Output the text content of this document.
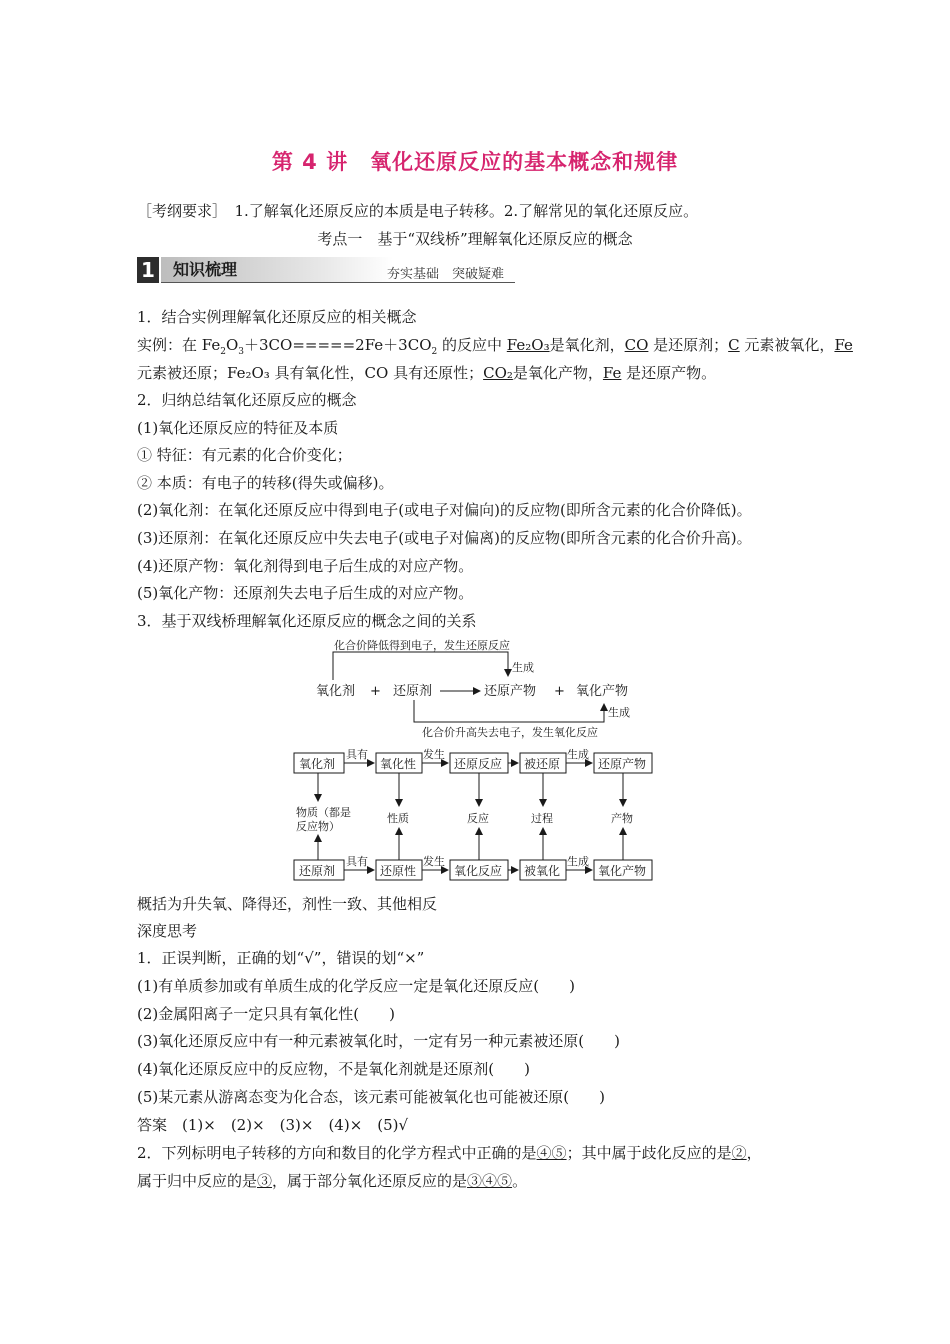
第 4 讲　氧化还原反应的基本概念和规律
［考纲要求］　1.了解氧化还原反应的本质是电子转移。2.了解常见的氧化还原反应。
考点一　基于“双线桥”理解氧化还原反应的概念
1	知识梳理	夯实基础　突破疑难
1．结合实例理解氧化还原反应的相关概念
实例：在 $Fe_2O_3+3CO=====2Fe+3CO_2$ 的反应中 Fe₂O₃是氧化剂，CO 是还原剂；C 元素被氧化，Fe
元素被还原；Fe₂O₃ 具有氧化性，CO 具有还原性；CO₂是氧化产物，Fe 是还原产物。
2．归纳总结氧化还原反应的概念
(1)氧化还原反应的特征及本质
① 特征：有元素的化合价变化；
② 本质：有电子的转移(得失或偏移)。
(2)氧化剂：在氧化还原反应中得到电子(或电子对偏向)的反应物(即所含元素的化合价降低)。
(3)还原剂：在氧化还原反应中失去电子(或电子对偏离)的反应物(即所含元素的化合价升高)。
(4)还原产物：氧化剂得到电子后生成的对应产物。
(5)氧化产物：还原剂失去电子后生成的对应产物。
3．基于双线桥理解氧化还原反应的概念之间的关系
化合价降低得到电子，发生还原反应
生成
氧化剂 + 还原剂	还原产物 + 氧化产物
生成
化合价升高失去电子，发生氧化反应
氧化剂	氧化性	还原反应 被还原	还原产物
具有	发生	生成
物质（都是
反应物）
性质	反应	过程	产物
还原剂	还原性	氧化反应 被氧化	氧化产物
具有	发生	生成
概括为升失氧、降得还，剂性一致、其他相反
深度思考
1．正误判断，正确的划“√”，错误的划“×”
(1)有单质参加或有单质生成的化学反应一定是氧化还原反应(　　)
(2)金属阳离子一定只具有氧化性(　　)
(3)氧化还原反应中有一种元素被氧化时，一定有另一种元素被还原(　　)
(4)氧化还原反应中的反应物，不是氧化剂就是还原剂(　　)
(5)某元素从游离态变为化合态，该元素可能被氧化也可能被还原(　　)
答案　(1)×　(2)×　(3)×　(4)×　(5)√
2．下列标明电子转移的方向和数目的化学方程式中正确的是④⑤；其中属于歧化反应的是②，
属于归中反应的是③，属于部分氧化还原反应的是③④⑤。
